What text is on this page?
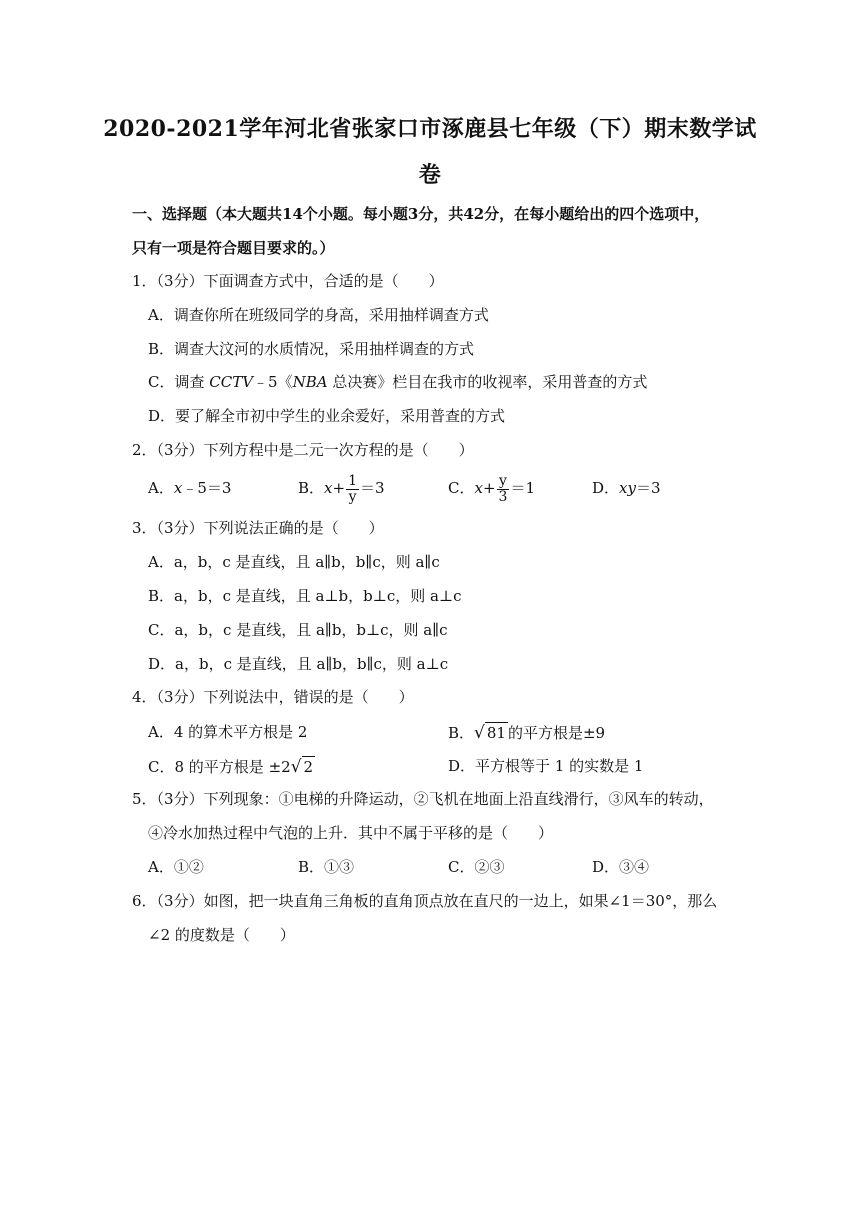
2020-2021学年河北省张家口市涿鹿县七年级（下）期末数学试
卷
一、选择题（本大题共14个小题。每小题3分，共42分，在每小题给出的四个选项中，
只有一项是符合题目要求的。）
1．（3分）下面调查方式中，合适的是（　　）
A．调查你所在班级同学的身高，采用抽样调查方式
B．调查大汶河的水质情况，采用抽样调查的方式
C．调查 CCTV﹣5《NBA 总决赛》栏目在我市的收视率，采用普查的方式
D．要了解全市初中学生的业余爱好，采用普查的方式
2．（3分）下列方程中是二元一次方程的是（　　）
A．x﹣5＝3	B．$x+ \frac{1}{y} =3$	C．$x+ \frac{y}{3} =1$	D．xy＝3
3．（3分）下列说法正确的是（　　）
A．a，b，c 是直线，且 a∥b，b∥c，则 a∥c
B．a，b，c 是直线，且 a⊥b，b⊥c，则 a⊥c
C．a，b，c 是直线，且 a∥b，b⊥c，则 a∥c
D．a，b，c 是直线，且 a∥b，b∥c，则 a⊥c
4．（3分）下列说法中，错误的是（　　）
A．4 的算术平方根是 2	B．√ 81 的平方根是±9
C．8 的平方根是 ±2√ 2	D．平方根等于 1 的实数是 1
5．（3分）下列现象：①电梯的升降运动，②飞机在地面上沿直线滑行，③风车的转动，
④冷水加热过程中气泡的上升．其中不属于平移的是（　　）
A．①②	B．①③	C．②③	D．③④
6．（3分）如图，把一块直角三角板的直角顶点放在直尺的一边上，如果∠1＝30°，那么
∠2 的度数是（　　）
